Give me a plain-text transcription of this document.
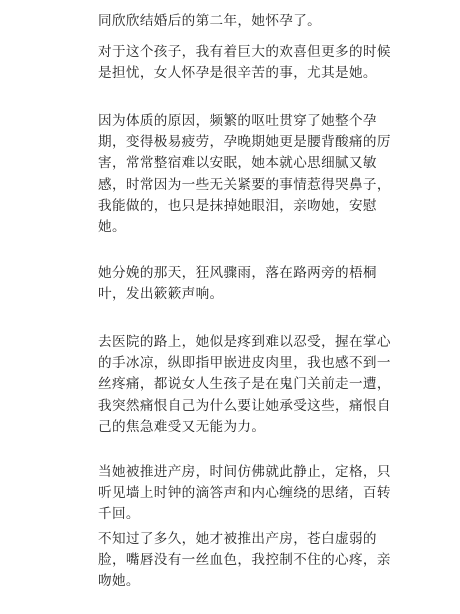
同欣欣结婚后的第二年，她怀孕了。
对于这个孩子，我有着巨大的欢喜但更多的时候
是担忧，女人怀孕是很辛苦的事，尤其是她。
因为体质的原因，频繁的呕吐贯穿了她整个孕
期，变得极易疲劳，孕晚期她更是腰背酸痛的厉
害，常常整宿难以安眠，她本就心思细腻又敏
感，时常因为一些无关紧要的事情惹得哭鼻子，
我能做的，也只是抹掉她眼泪，亲吻她，安慰
她。
她分娩的那天，狂风骤雨，落在路两旁的梧桐
叶，发出簌簌声响。
去医院的路上，她似是疼到难以忍受，握在掌心
的手冰凉，纵即指甲嵌进皮肉里，我也感不到一
丝疼痛，都说女人生孩子是在鬼门关前走一遭，
我突然痛恨自己为什么要让她承受这些，痛恨自
己的焦急难受又无能为力。
当她被推进产房，时间仿佛就此静止，定格，只
听见墙上时钟的滴答声和内心缠绕的思绪，百转
千回。
不知过了多久，她才被推出产房，苍白虚弱的
脸，嘴唇没有一丝血色，我控制不住的心疼，亲
吻她。
